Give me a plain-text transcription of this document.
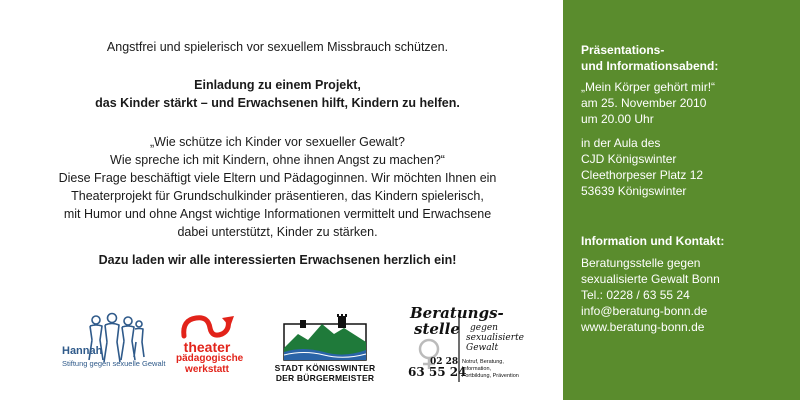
Angstfrei und spielerisch vor sexuellem Missbrauch schützen.

Einladung zu einem Projekt,

das Kinder stärkt – und Erwachsenen hilft, Kindern zu helfen.

„Wie schütze ich Kinder vor sexueller Gewalt?

Wie spreche ich mit Kindern, ohne ihnen Angst zu machen?“

Diese Frage beschäftigt viele Eltern und Pädagoginnen. Wir möchten Ihnen ein

Theaterprojekt für Grundschulkinder präsentieren, das Kindern spielerisch,

mit Humor und ohne Angst wichtige Informationen vermittelt und Erwachsene

dabei unterstützt, Kinder zu stärken.

Dazu laden wir alle interessierten Erwachsenen herzlich ein!

Hannah
Stiftung gegen sexuelle Gewalt
theater
pädagogische
werkstatt	STADT KÖNIGSWINTER
DER BÜRGERMEISTER
Beratungs-
stelle gegen
sexualisierte
Gewalt
02 28
63 55 24
Notruf, Beratung,
Information,
Fortbildung, Prävention

Präsentations-

und Informationsabend:

„Mein Körper gehört mir!“

am 25. November 2010

um 20.00 Uhr

in der Aula des

CJD Königswinter

Cleethorpeser Platz 12

53639 Königswinter

Information und Kontakt:

Beratungsstelle gegen

sexualisierte Gewalt Bonn

Tel.: 0228 / 63 55 24

info@beratung-bonn.de

www.beratung-bonn.de
